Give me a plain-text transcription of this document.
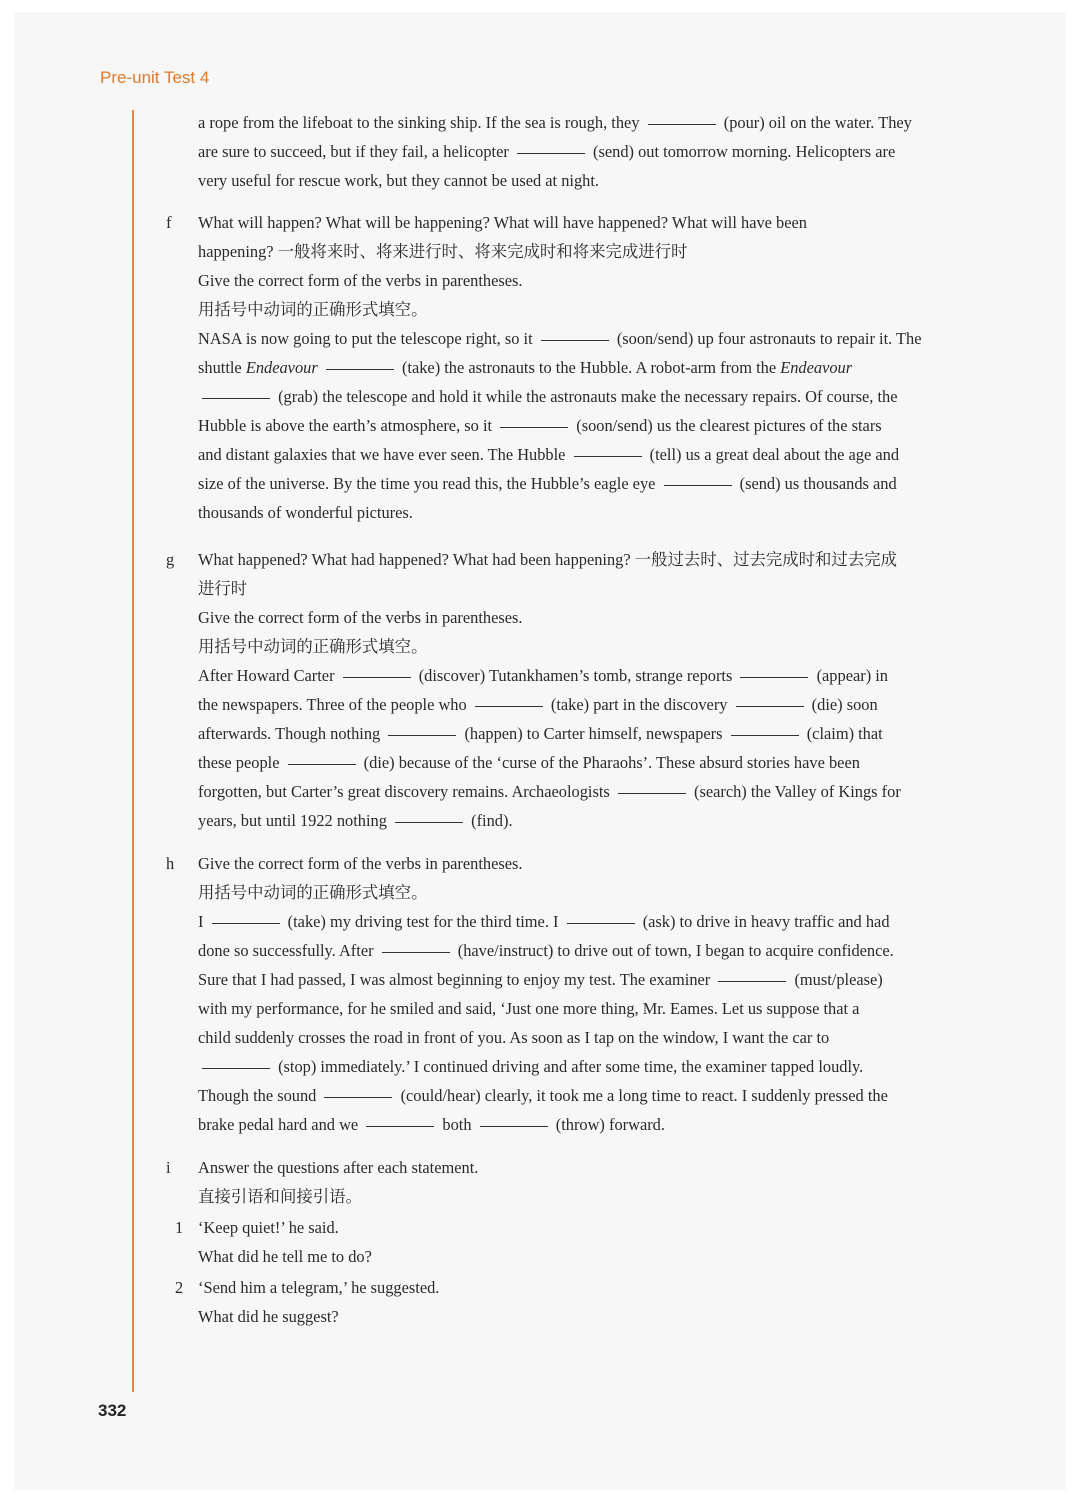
Pre-unit Test 4

a rope from the lifeboat to the sinking ship. If the sea is rough, they	(pour) oil on the water. They

are sure to succeed, but if they fail, a helicopter	(send) out tomorrow morning. Helicopters are

very useful for rescue work, but they cannot be used at night.

f What will happen? What will be happening? What will have happened? What will have been

happening? 一般将来时、将来进行时、将来完成时和将来完成进行时

Give the correct form of the verbs in parentheses.

用括号中动词的正确形式填空。

NASA is now going to put the telescope right, so it	(soon/send) up four astronauts to repair it. The

shuttle Endeavour	(take) the astronauts to the Hubble. A robot-arm from the Endeavour

(grab) the telescope and hold it while the astronauts make the necessary repairs. Of course, the

Hubble is above the earth’s atmosphere, so it	(soon/send) us the clearest pictures of the stars

and distant galaxies that we have ever seen. The Hubble	(tell) us a great deal about the age and

size of the universe. By the time you read this, the Hubble’s eagle eye	(send) us thousands and

thousands of wonderful pictures.

g What happened? What had happened? What had been happening? 一般过去时、过去完成时和过去完成

进行时

Give the correct form of the verbs in parentheses.

用括号中动词的正确形式填空。

After Howard Carter	(discover) Tutankhamen’s tomb, strange reports	(appear) in

the newspapers. Three of the people who	(take) part in the discovery	(die) soon

afterwards. Though nothing	(happen) to Carter himself, newspapers	(claim) that

these people	(die) because of the ‘curse of the Pharaohs’. These absurd stories have been

forgotten, but Carter’s great discovery remains. Archaeologists	(search) the Valley of Kings for

years, but until 1922 nothing	(find).

h Give the correct form of the verbs in parentheses.

用括号中动词的正确形式填空。

I	(take) my driving test for the third time. I	(ask) to drive in heavy traffic and had

done so successfully. After	(have/instruct) to drive out of town, I began to acquire confidence.

Sure that I had passed, I was almost beginning to enjoy my test. The examiner	(must/please)

with my performance, for he smiled and said, ‘Just one more thing, Mr. Eames. Let us suppose that a

child suddenly crosses the road in front of you. As soon as I tap on the window, I want the car to

(stop) immediately.’ I continued driving and after some time, the examiner tapped loudly.

Though the sound	(could/hear) clearly, it took me a long time to react. I suddenly pressed the

brake pedal hard and we	both	(throw) forward.

i Answer the questions after each statement.

直接引语和间接引语。

1 ‘Keep quiet!’ he said.

What did he tell me to do?

2 ‘Send him a telegram,’ he suggested.

What did he suggest?

332
